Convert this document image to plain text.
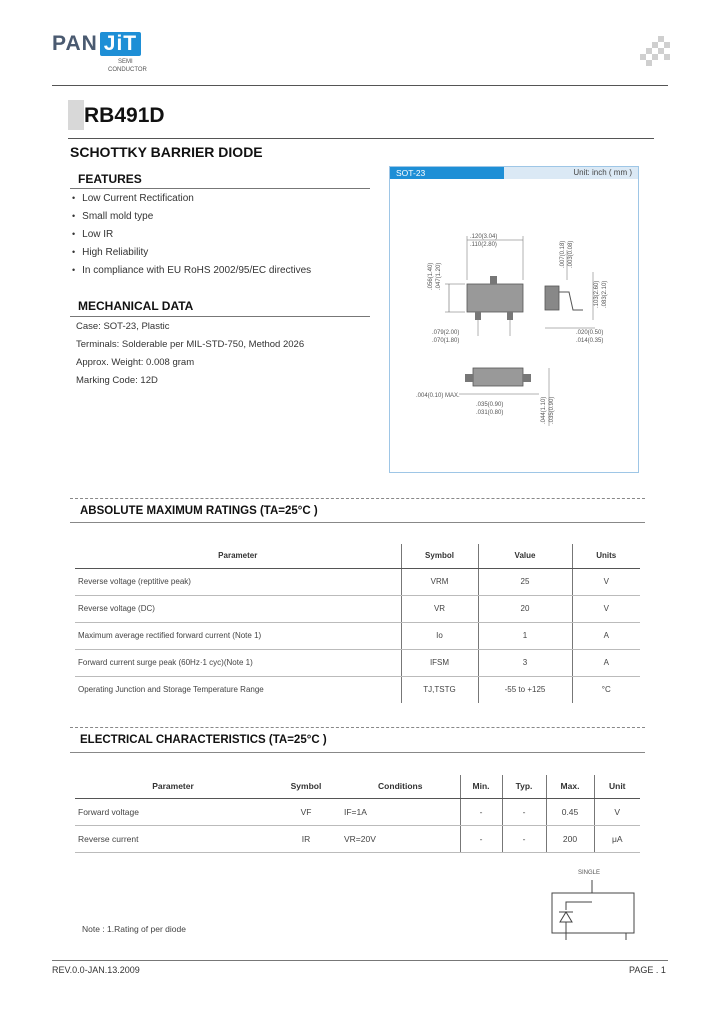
PAN JiT
SEMI
CONDUCTOR
RB491D
SCHOTTKY BARRIER DIODE
FEATURES
• Low Current Rectification
• Small mold type
• Low IR
• High Reliability
• In compliance with EU RoHS 2002/95/EC directives
MECHANICAL DATA
Case: SOT-23, Plastic
Terminals: Solderable per MIL-STD-750, Method 2026
Approx. Weight: 0.008 gram
Marking Code: 12D
SOT-23	Unit: inch ( mm )
.120(3.04)
.110(2.80)
.056(1.40) .047(1.20)
.007(0.18) .003(0.08)
.103(2.60) .083(2.10)
.079(2.00)
.070(1.80)
.020(0.50)
.014(0.35)
.004(0.10) MAX.
.035(0.90)
.031(0.80)	.044(1.10) .035(0.90)
ABSOLUTE MAXIMUM RATINGS (TA=25°C )
Parameter	Symbol	Value	Units
Reverse voltage (reptitive peak)	VRM	25	V
Reverse voltage (DC)	VR	20	V
Maximum average rectified forward current (Note 1)	Io	1	A
Forward current surge peak (60Hz·1 cyc)(Note 1)	IFSM	3	A
Operating Junction and Storage Temperature Range	TJ,TSTG	-55 to +125	°C
ELECTRICAL CHARACTERISTICS (TA=25°C )
Parameter	Symbol	Conditions	Min.	Typ.	Max.	Unit
Forward voltage	VF	IF=1A	-	-	0.45	V
Reverse current	IR	VR=20V	-	-	200	μA
SINGLE
Note : 1.Rating of per diode
REV.0.0-JAN.13.2009	PAGE . 1
